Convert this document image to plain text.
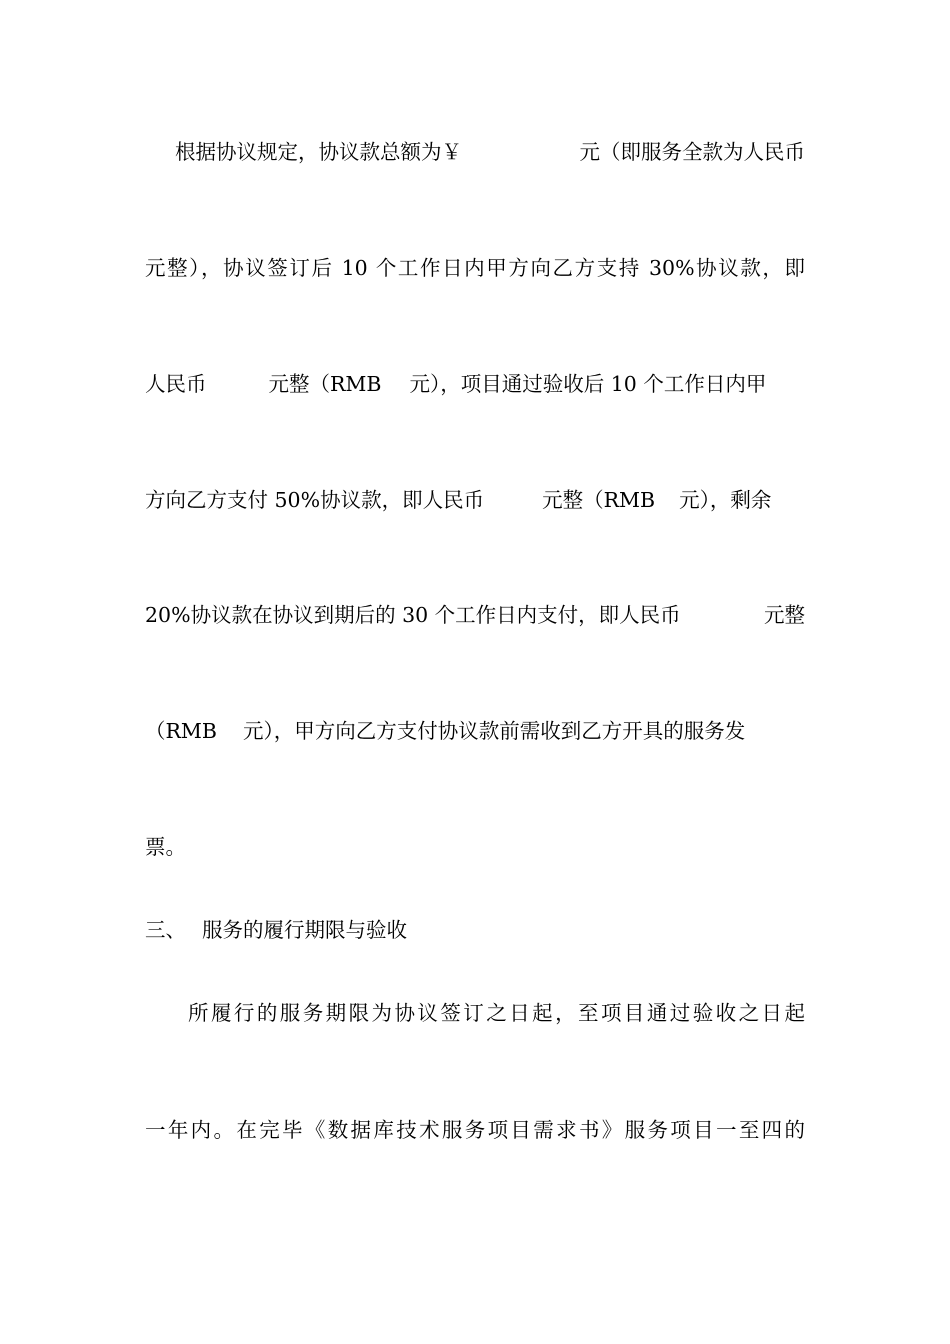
根据协议规定，协议款总额为￥	元（即服务全款为人民币
元整），协议签订后 10 个工作日内甲方向乙方支持 30%协议款，即
人民币	元整（RMB 元），项目通过验收后 10 个工作日内甲
方向乙方支付 50%协议款，即人民币	元整（RMB 元），剩余
20%协议款在协议到期后的 30 个工作日内支付，即人民币	元整
（RMB 元），甲方向乙方支付协议款前需收到乙方开具的服务发
票。
三、 服务的履行期限与验收
所履行的服务期限为协议签订之日起，至项目通过验收之日起
一年内。在完毕《数据库技术服务项目需求书》服务项目一至四的
